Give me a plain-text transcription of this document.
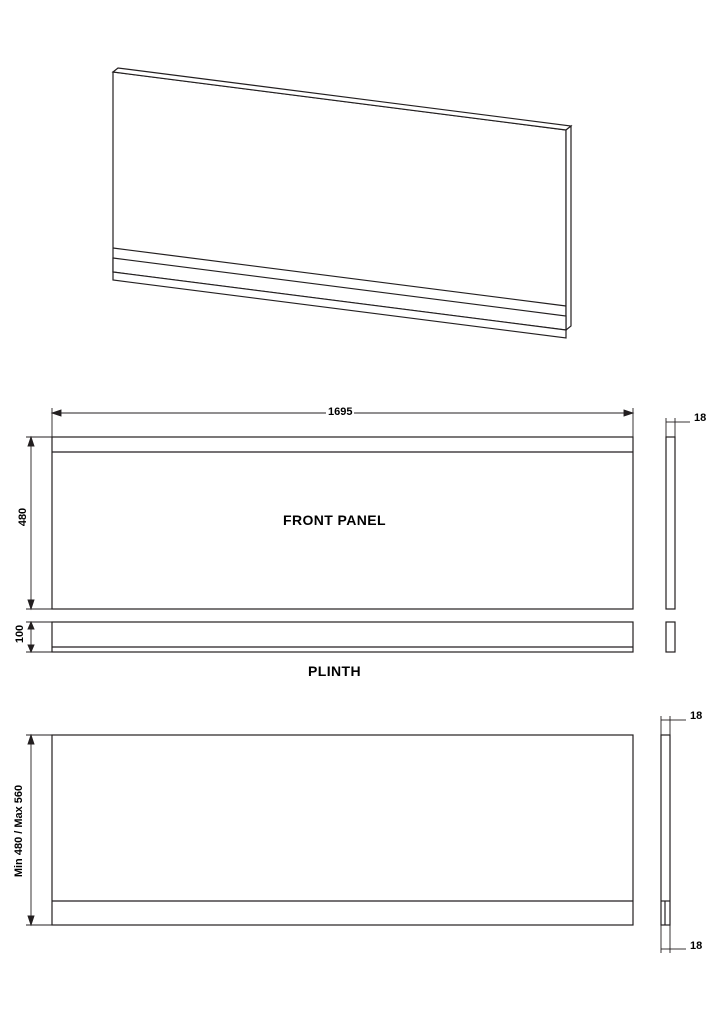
1695
480
100
18
18
18
Min 480 / Max 560
FRONT PANEL
PLINTH
